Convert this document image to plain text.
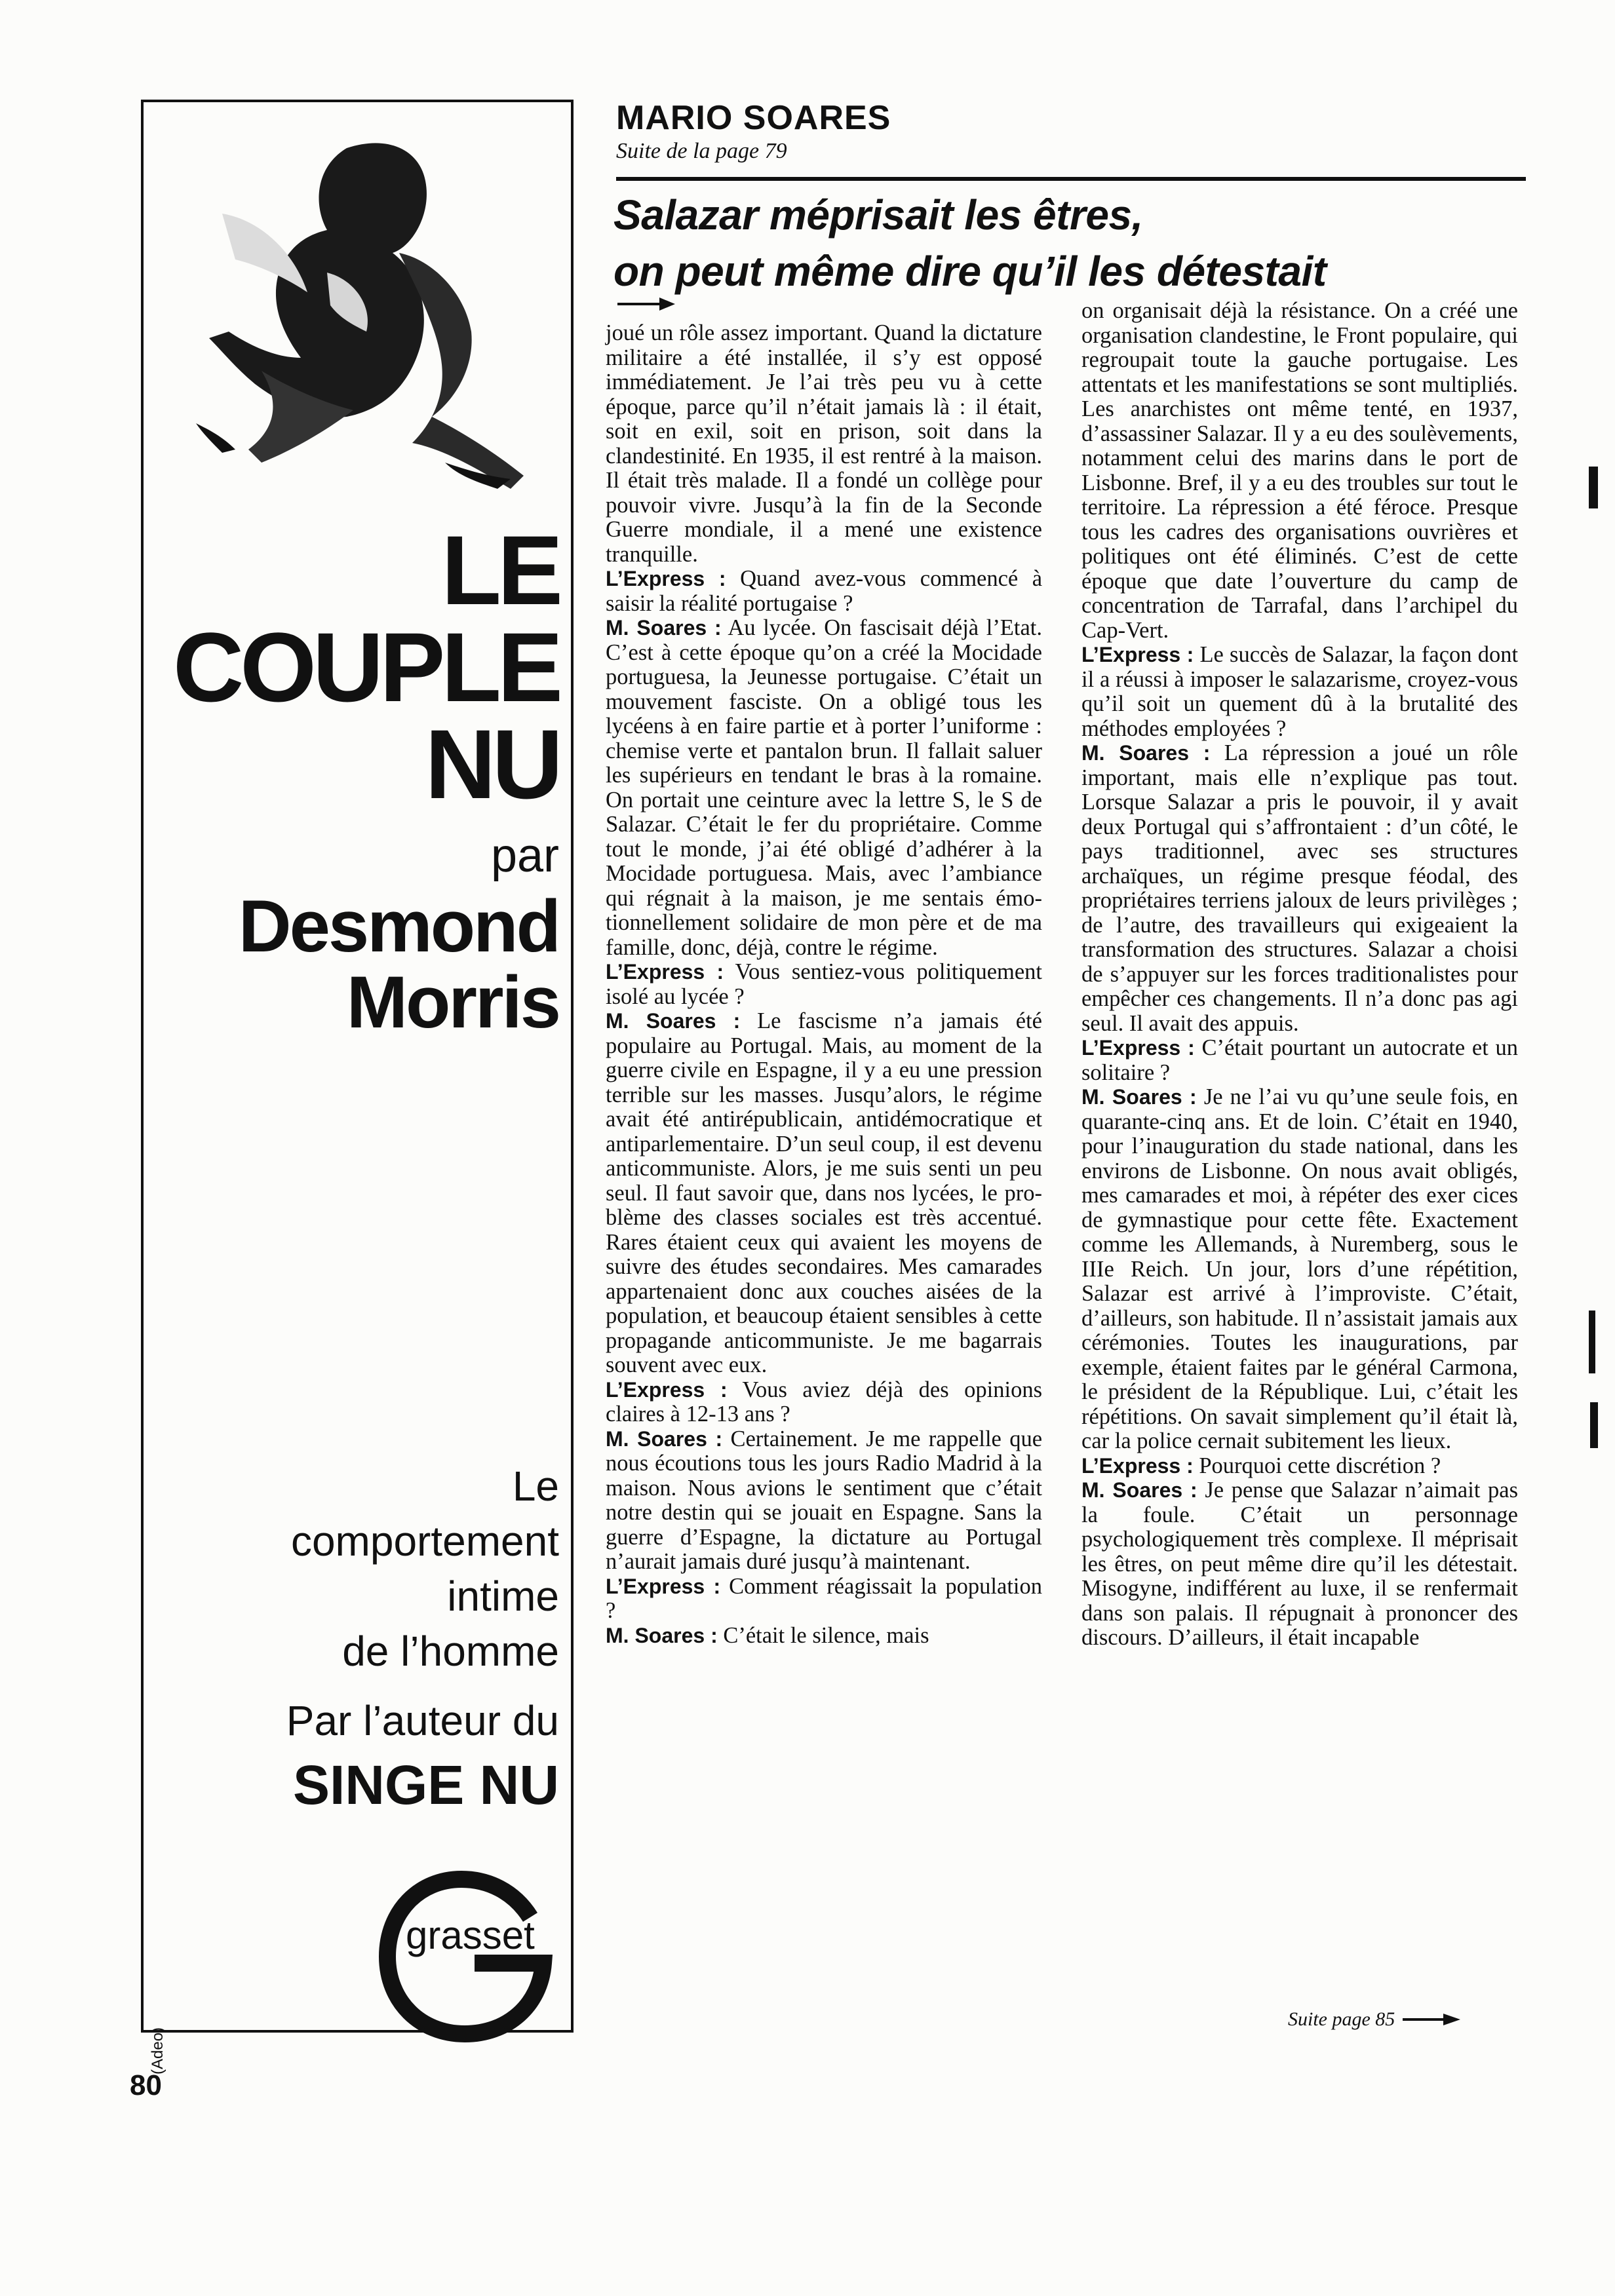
LE
COUPLE
NU
par
Desmond
Morris
Le
comportement
intime
de l’homme
Par l’auteur du
SINGE NU
grasset
(Adeo)
80
MARIO SOARES
Suite de la page 79
Salazar méprisait les êtres,
on peut même dire qu’il les détestait

joué un rôle assez important. Quand la dictature militaire a été installée, il s’y est opposé immédiatement. Je l’ai très peu vu à cette époque, parce qu’il n’était jamais là : il était, soit en exil, soit en prison, soit dans la clandestinité. En 1935, il est rentré à la maison. Il était très malade. Il a fondé un collège pour pouvoir vivre. Jusqu’à la fin de la Seconde Guerre mondiale, il a mené une existence tranquille.

L’Express : Quand avez-vous commencé à saisir la réalité portugaise ?

M. Soares : Au lycée. On fascisait déjà l’Etat. C’est à cette époque qu’on a créé la Mocidade portuguesa, la Jeunesse portugaise. C’était un mouvement fasciste. On a obligé tous les lycéens à en faire partie et à porter l’uniforme : chemise verte et pantalon brun. Il fallait saluer les supérieurs en tendant le bras à la romaine. On portait une ceinture avec la lettre S, le S de Salazar. C’était le fer du propriétaire. Comme tout le monde, j’ai été obligé d’adhérer à la Mocidade portuguesa. Mais, avec l’ambiance qui régnait à la maison, je me sentais émotionnellement solidaire de mon père et de ma famille, donc, déjà, contre le régime.

L’Express : Vous sentiez-vous politiquement isolé au lycée ?

M. Soares : Le fascisme n’a jamais été populaire au Portugal. Mais, au moment de la guerre civile en Espagne, il y a eu une pression terrible sur les masses. Jusqu’alors, le régime avait été antirépublicain, antidémocratique et antiparlementaire. D’un seul coup, il est devenu anticommuniste. Alors, je me suis senti un peu seul. Il faut savoir que, dans nos lycées, le problème des classes sociales est très accentué. Rares étaient ceux qui avaient les moyens de suivre des études secondaires. Mes camarades appartenaient donc aux couches aisées de la population, et beaucoup étaient sensibles à cette propagande anticommuniste. Je me bagarrais souvent avec eux.

L’Express : Vous aviez déjà des opinions claires à 12-13 ans ?

M. Soares : Certainement. Je me rappelle que nous écoutions tous les jours Radio Madrid à la maison. Nous avions le sentiment que c’était notre destin qui se jouait en Espagne. Sans la guerre d’Espagne, la dictature au Portugal n’aurait jamais duré jusqu’à maintenant.

L’Express : Comment réagissait la population ?

M. Soares : C’était le silence, mais

on organisait déjà la résistance. On a créé une organisation clandestine, le Front populaire, qui regroupait toute la gauche portugaise. Les attentats et les manifestations se sont multipliés. Les anarchistes ont même tenté, en 1937, d’assassiner Salazar. Il y a eu des soulèvements, notamment celui des marins dans le port de Lisbonne. Bref, il y a eu des troubles sur tout le territoire. La répression a été féroce. Presque tous les cadres des organisations ouvrières et politiques ont été éliminés. C’est de cette époque que date l’ouverture du camp de concentration de Tarrafal, dans l’archipel du Cap-Vert.

L’Express : Le succès de Salazar, la façon dont il a réussi à imposer le salazarisme, croyez-vous qu’il soit un quement dû à la brutalité des méthodes employées ?

M. Soares : La répression a joué un rôle important, mais elle n’explique pas tout. Lorsque Salazar a pris le pouvoir, il y avait deux Portugal qui s’affrontaient : d’un côté, le pays traditionnel, avec ses structures archaïques, un régime presque féodal, des propriétaires terriens jaloux de leurs privilèges ; de l’autre, des travailleurs qui exigeaient la transformation des structures. Salazar a choisi de s’appuyer sur les forces traditionalistes pour empêcher ces changements. Il n’a donc pas agi seul. Il avait des appuis.

L’Express : C’était pourtant un autocrate et un solitaire ?

M. Soares : Je ne l’ai vu qu’une seule fois, en quarante-cinq ans. Et de loin. C’était en 1940, pour l’inauguration du stade national, dans les environs de Lisbonne. On nous avait obligés, mes camarades et moi, à répéter des exer cices de gymnastique pour cette fête. Exactement comme les Allemands, à Nuremberg, sous le IIIe Reich. Un jour, lors d’une répétition, Salazar est arrivé à l’improviste. C’était, d’ailleurs, son habitude. Il n’assistait jamais aux cérémonies. Toutes les inaugurations, par exemple, étaient faites par le général Carmona, le président de la République. Lui, c’était les répétitions. On savait simplement qu’il était là, car la police cernait subitement les lieux.

L’Express : Pourquoi cette discrétion ?

M. Soares : Je pense que Salazar n’aimait pas la foule. C’était un personnage psychologiquement très complexe. Il méprisait les êtres, on peut même dire qu’il les détestait. Misogyne, indifférent au luxe, il se renfermait dans son palais. Il répugnait à prononcer des discours. D’ailleurs, il était incapable

Suite page 85
